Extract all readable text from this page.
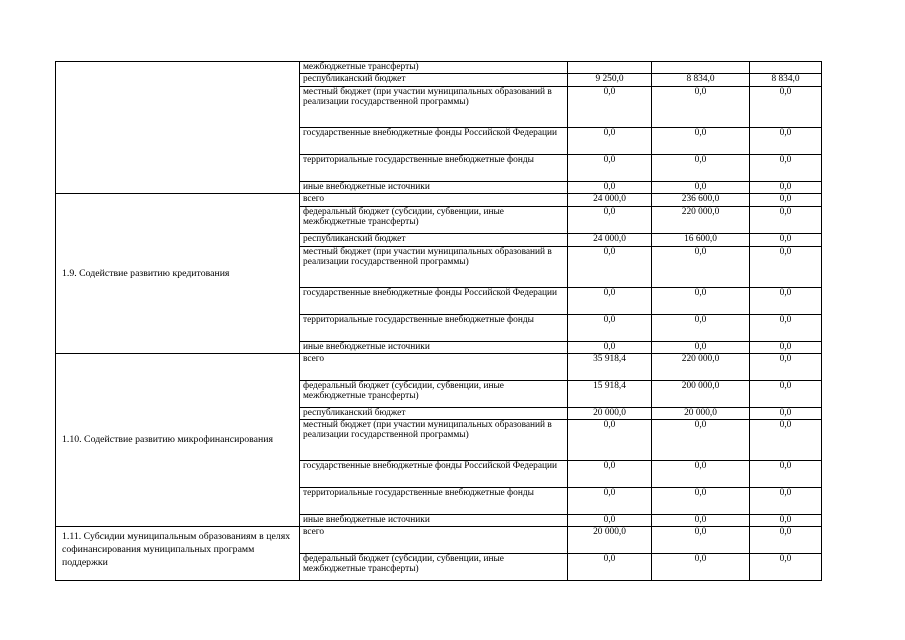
	межбюджетные трансферты)			
	республиканский бюджет	9 250,0	8 834,0	8 834,0
	местный бюджет (при участии муниципальных образований в реализации государственной программы)	0,0	0,0	0,0
	государственные внебюджетные фонды Российской Федерации	0,0	0,0	0,0
	территориальные государственные внебюджетные фонды	0,0	0,0	0,0
	иные внебюджетные источники	0,0	0,0	0,0
1.9. Содействие развитию кредитования	всего	24 000,0	236 600,0	0,0
	федеральный бюджет (субсидии, субвенции, иные межбюджетные трансферты)	0,0	220 000,0	0,0
	республиканский бюджет	24 000,0	16 600,0	0,0
	местный бюджет (при участии муниципальных образований в реализации государственной программы)	0,0	0,0	0,0
	государственные внебюджетные фонды Российской Федерации	0,0	0,0	0,0
	территориальные государственные внебюджетные фонды	0,0	0,0	0,0
	иные внебюджетные источники	0,0	0,0	0,0
1.10. Содействие развитию микрофинансирования	всего	35 918,4	220 000,0	0,0
	федеральный бюджет (субсидии, субвенции, иные межбюджетные трансферты)	15 918,4	200 000,0	0,0
	республиканский бюджет	20 000,0	20 000,0	0,0
	местный бюджет (при участии муниципальных образований в реализации государственной программы)	0,0	0,0	0,0
	государственные внебюджетные фонды Российской Федерации	0,0	0,0	0,0
	территориальные государственные внебюджетные фонды	0,0	0,0	0,0
	иные внебюджетные источники	0,0	0,0	0,0
1.11. Субсидии муниципальным образованиям в целях софинансирования муниципальных программ поддержки	всего	20 000,0	0,0	0,0
	федеральный бюджет (субсидии, субвенции, иные межбюджетные трансферты)	0,0	0,0	0,0
